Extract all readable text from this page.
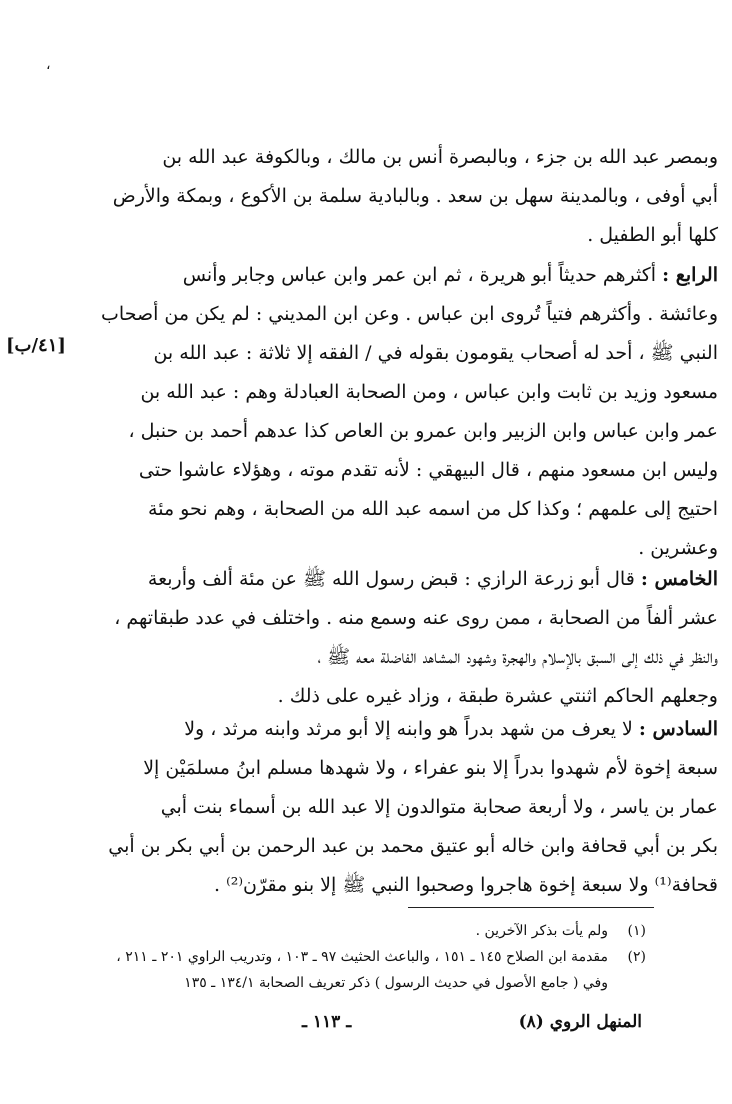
،
وبمصر عبد الله بن جزء ، وبالبصرة أنس بن مالك ، وبالكوفة عبد الله بن
أبي أوفى ، وبالمدينة سهل بن سعد . وبالبادية سلمة بن الأكوع ، وبمكة والأرض
كلها أبو الطفيل .
الرابع : أكثرهم حديثاً أبو هريرة ، ثم ابن عمر وابن عباس وجابر وأنس
وعائشة . وأكثرهم فتياً تُروى ابن عباس . وعن ابن المديني : لم يكن من أصحاب
النبي ﷺ ، أحد له أصحاب يقومون بقوله في / الفقه إلا ثلاثة : عبد الله بن
مسعود وزيد بن ثابت وابن عباس ، ومن الصحابة العبادلة وهم : عبد الله بن
عمر وابن عباس وابن الزبير وابن عمرو بن العاص كذا عدهم أحمد بن حنبل ،
وليس ابن مسعود منهم ، قال البيهقي : لأنه تقدم موته ، وهؤلاء عاشوا حتى
احتيج إلى علمهم ؛ وكذا كل من اسمه عبد الله من الصحابة ، وهم نحو مئة
وعشرين .
[٤١/ب]
الخامس : قال أبو زرعة الرازي : قبض رسول الله ﷺ عن مئة ألف وأربعة
عشر ألفاً من الصحابة ، ممن روى عنه وسمع منه . واختلف في عدد طبقاتهم ،
والنظر في ذلك إلى السبق بالإسلام والهجرة وشهود المشاهد الفاضلة معه ﷺ ،
وجعلهم الحاكم اثنتي عشرة طبقة ، وزاد غيره على ذلك .
السادس : لا يعرف من شهد بدراً هو وابنه إلا أبو مرثد وابنه مرثد ، ولا
سبعة إخوة لأم شهدوا بدراً إلا بنو عفراء ، ولا شهدها مسلم ابنُ مسلمَيْن إلا
عمار بن ياسر ، ولا أربعة صحابة متوالدون إلا عبد الله بن أسماء بنت أبي
بكر بن أبي قحافة وابن خاله أبو عتيق محمد بن عبد الرحمن بن أبي بكر بن أبي
قحافة⁽¹⁾ ولا سبعة إخوة هاجروا وصحبوا النبي ﷺ إلا بنو مقرّن⁽²⁾ .
(١)
ولم يأت بذكر الآخرين .
(٢)
مقدمة ابن الصلاح ١٤٥ ـ ١٥١ ، والباعث الحثيث ٩٧ ـ ١٠٣ ، وتدريب الراوي ٢٠١ ـ ٢١١ ،
وفي ( جامع الأصول في حديث الرسول ) ذكر تعريف الصحابة ١٣٤/١ ـ ١٣٥
المنهل الروي (٨)
ـ ١١٣ ـ
